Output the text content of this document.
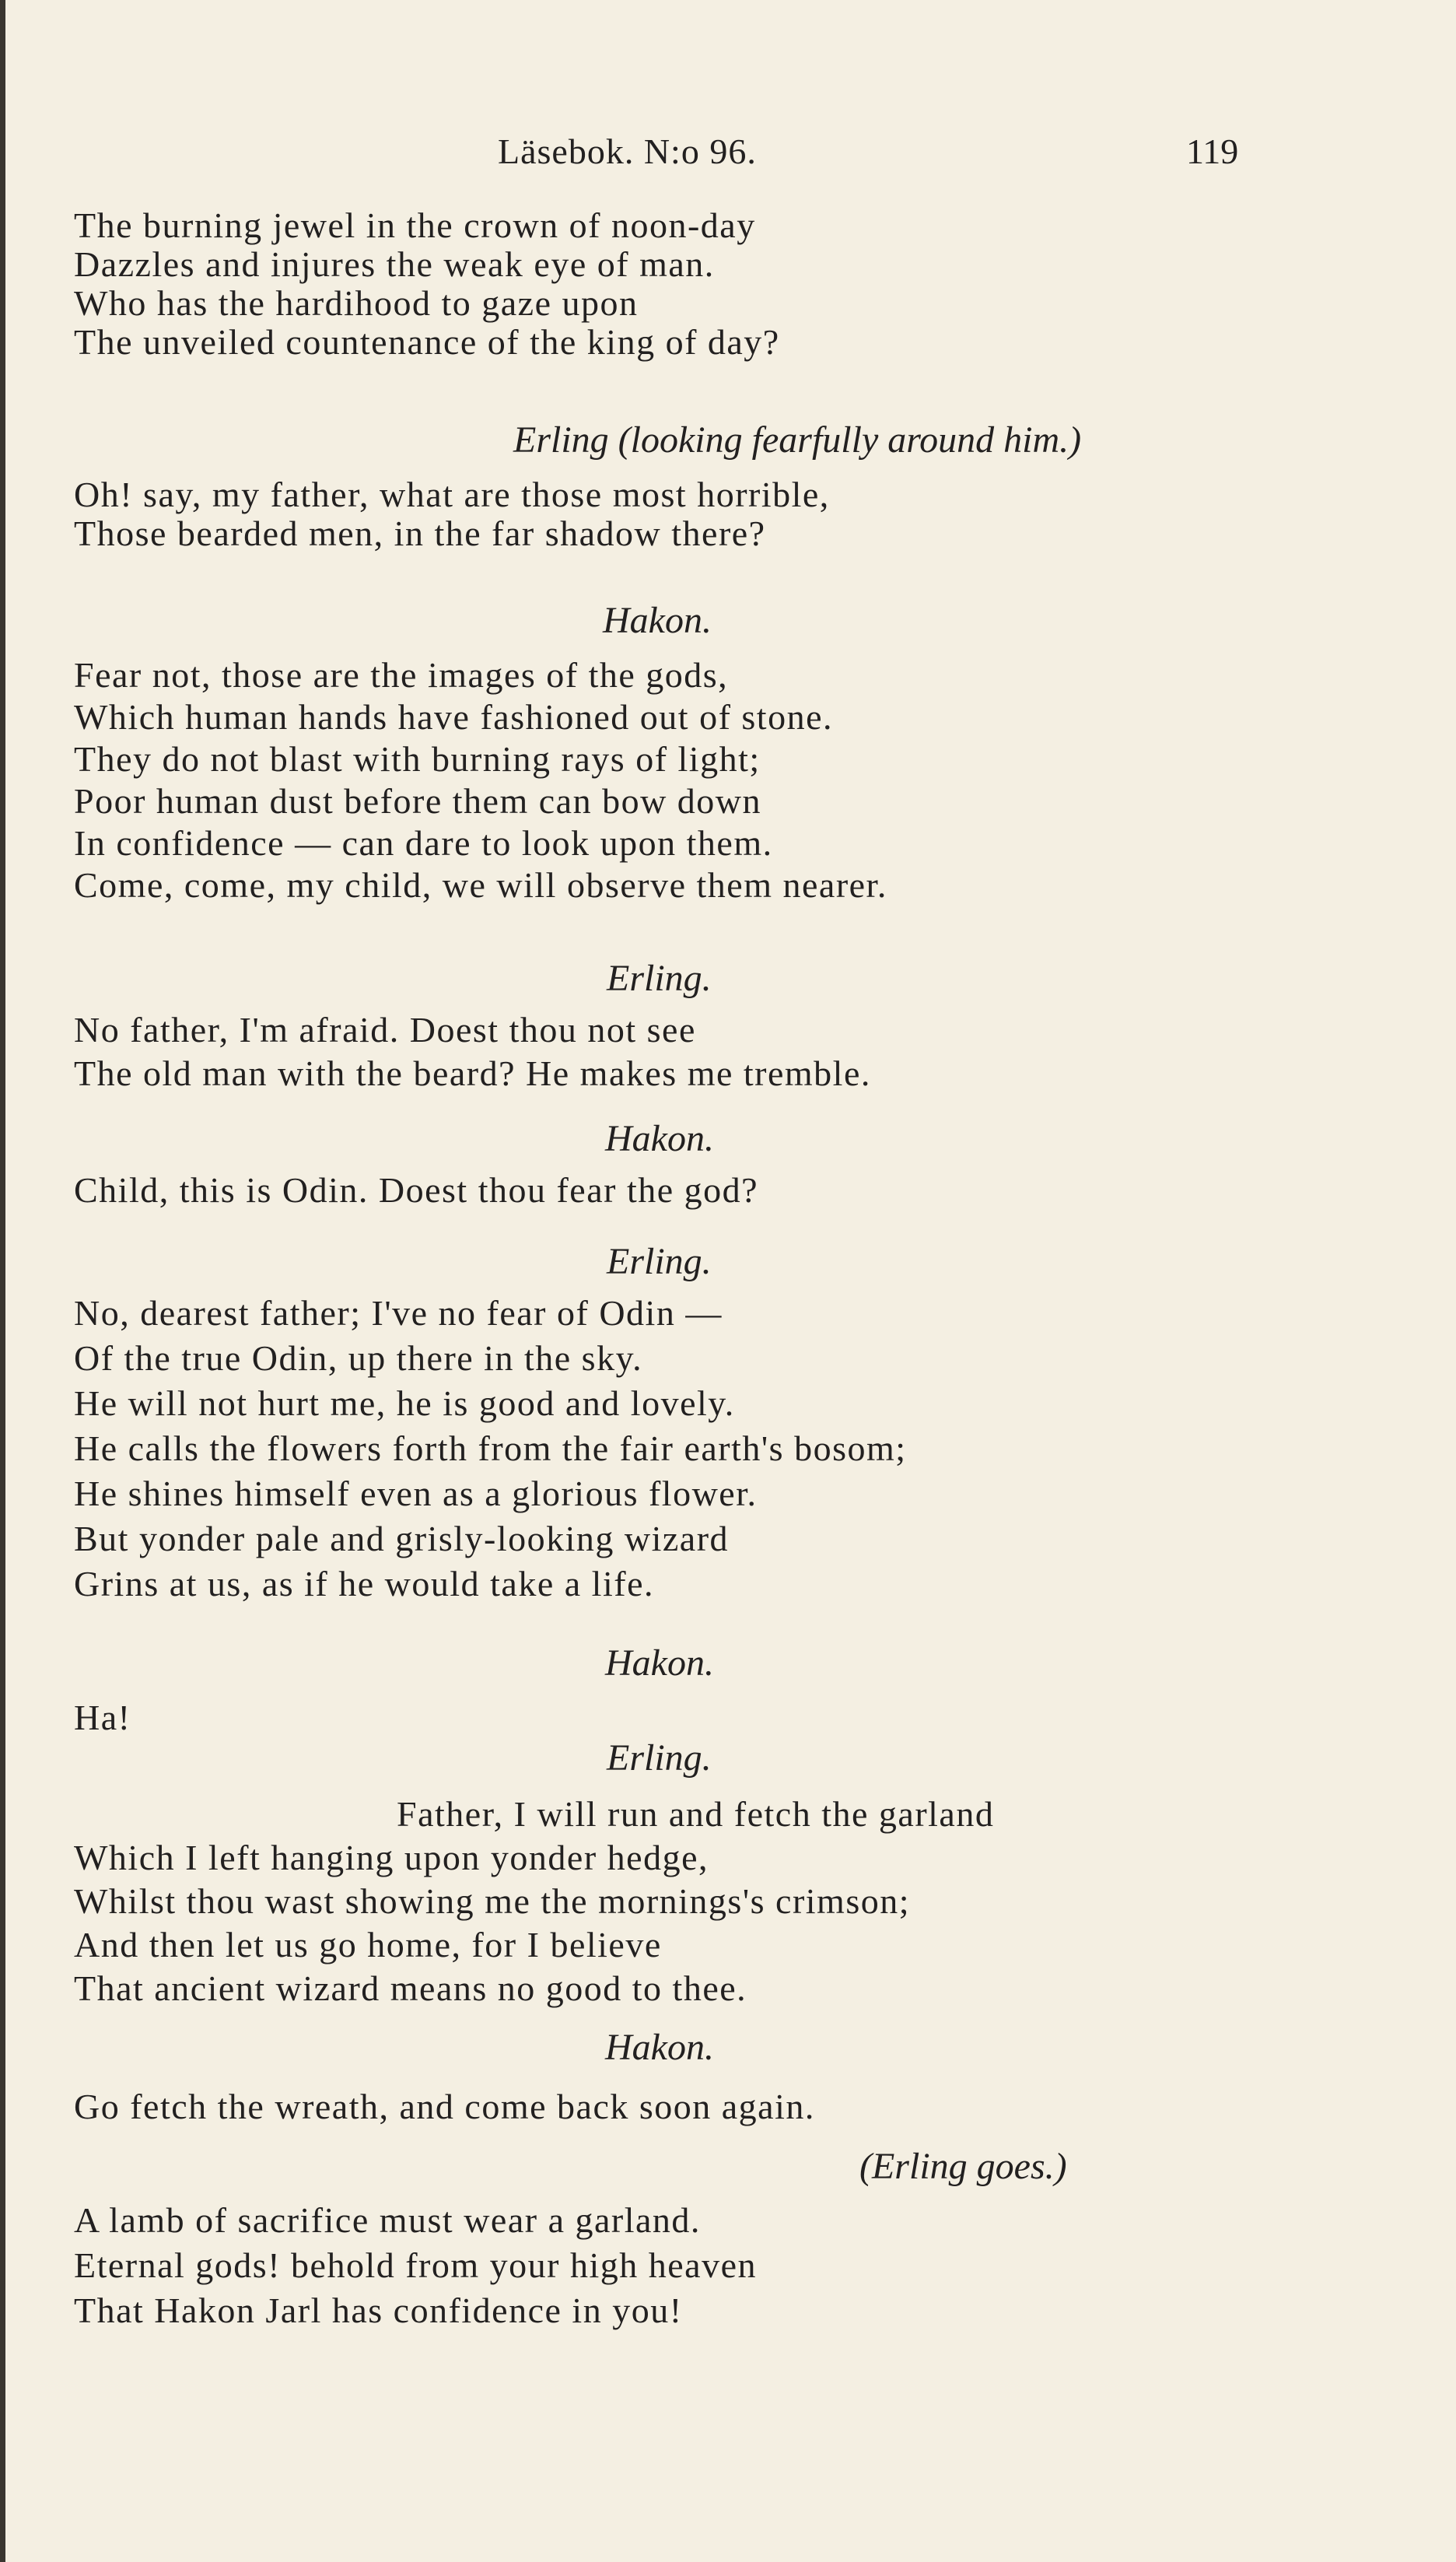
Läsebok. N:o 96.	119
The burning jewel in the crown of noon-day
Dazzles and injures the weak eye of man.
Who has the hardihood to gaze upon
The unveiled countenance of the king of day?
Erling (looking fearfully around him.)
Oh! say, my father, what are those most horrible,
Those bearded men, in the far shadow there?
Hakon.
Fear not, those are the images of the gods,
Which human hands have fashioned out of stone.
They do not blast with burning rays of light;
Poor human dust before them can bow down
In confidence — can dare to look upon them.
Come, come, my child, we will observe them nearer.
Erling.
No father, I'm afraid. Doest thou not see
The old man with the beard? He makes me tremble.
Hakon.
Child, this is Odin. Doest thou fear the god?
Erling.
No, dearest father; I've no fear of Odin —
Of the true Odin, up there in the sky.
He will not hurt me, he is good and lovely.
He calls the flowers forth from the fair earth's bosom;
He shines himself even as a glorious flower.
But yonder pale and grisly-looking wizard
Grins at us, as if he would take a life.
Hakon.
Ha!
Erling.
Father, I will run and fetch the garland
Which I left hanging upon yonder hedge,
Whilst thou wast showing me the mornings's crimson;
And then let us go home, for I believe
That ancient wizard means no good to thee.
Hakon.
Go fetch the wreath, and come back soon again.
(Erling goes.)
A lamb of sacrifice must wear a garland.
Eternal gods! behold from your high heaven
That Hakon Jarl has confidence in you!
